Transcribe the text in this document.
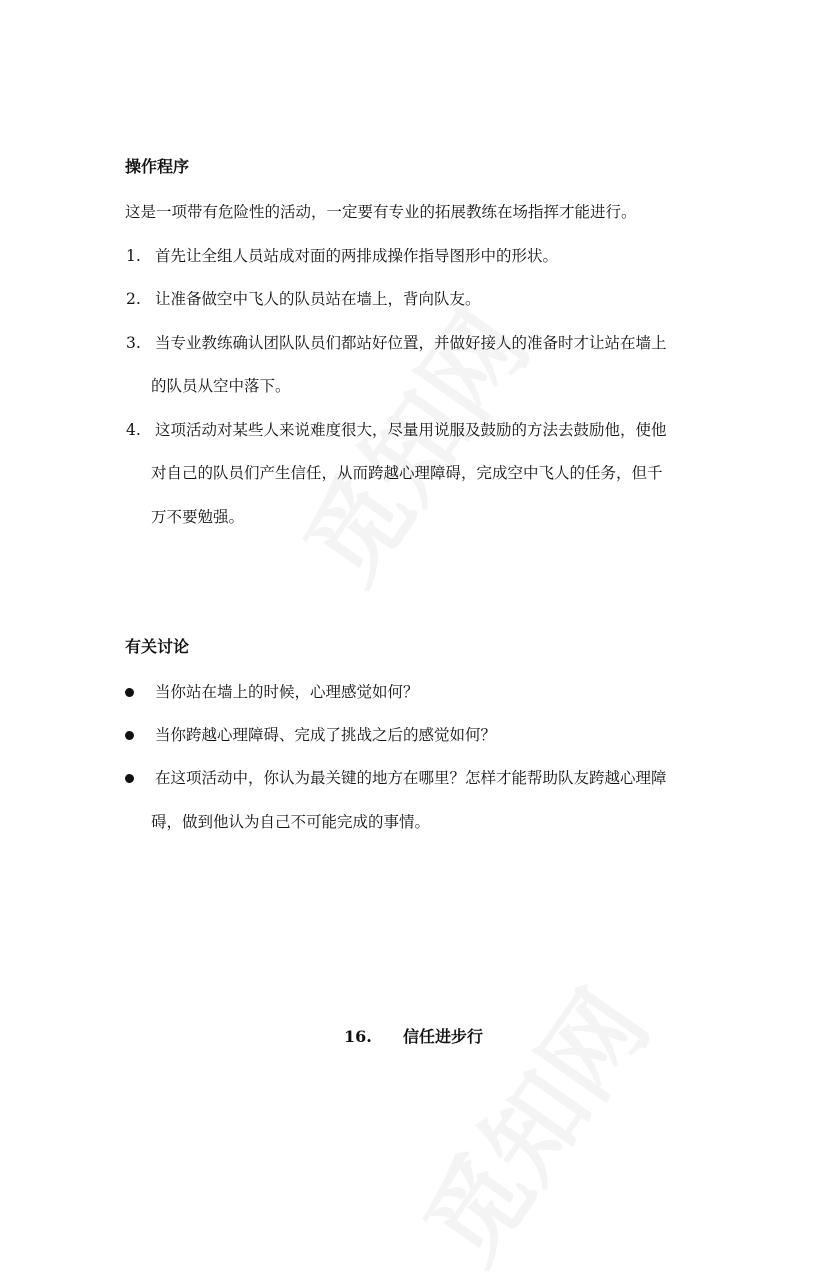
操作程序

这是一项带有危险性的活动，一定要有专业的拓展教练在场指挥才能进行。

1. 首先让全组人员站成对面的两排成操作指导图形中的形状。
2. 让准备做空中飞人的队员站在墙上，背向队友。
3. 当专业教练确认团队队员们都站好位置，并做好接人的准备时才让站在墙上
的队员从空中落下。
4. 这项活动对某些人来说难度很大，尽量用说服及鼓励的方法去鼓励他，使他
对自己的队员们产生信任，从而跨越心理障碍，完成空中飞人的任务，但千
万不要勉强。
有关讨论
当你站在墙上的时候，心理感觉如何？
当你跨越心理障碍、完成了挑战之后的感觉如何？
在这项活动中，你认为最关键的地方在哪里？怎样才能帮助队友跨越心理障
碍，做到他认为自己不可能完成的事情。
16. 信任进步行
